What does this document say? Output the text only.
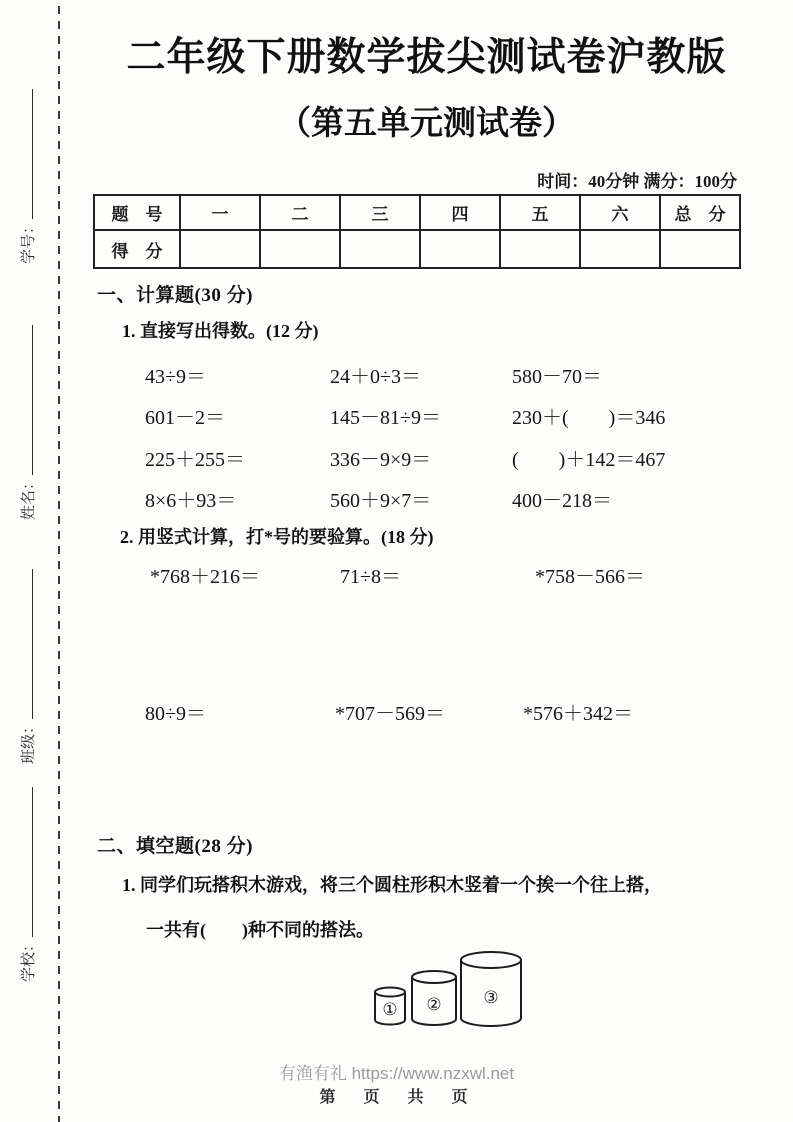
学校：
班级：
姓名：
学号：
二年级下册数学拔尖测试卷沪教版
（第五单元测试卷）
时间：40分钟 满分：100分
题　号	一	二	三	四	五	六	总　分
得　分							
一、计算题(30 分)
1. 直接写出得数。(12 分)
43÷9＝	24＋0÷3＝	580－70＝
601－2＝	145－81÷9＝	230＋(　　)＝346
225＋255＝	336－9×9＝	(　　)＋142＝467
8×6＋93＝	560＋9×7＝	400－218＝
2. 用竖式计算，打*号的要验算。(18 分)
*768＋216＝	71÷8＝	*758－566＝
80÷9＝	*707－569＝	*576＋342＝
二、填空题(28 分)
1. 同学们玩搭积木游戏，将三个圆柱形积木竖着一个挨一个往上搭，
一共有(　　)种不同的搭法。
① ② ③
有渔有礼 https://www.nzxwl.net
第　页　共　页
